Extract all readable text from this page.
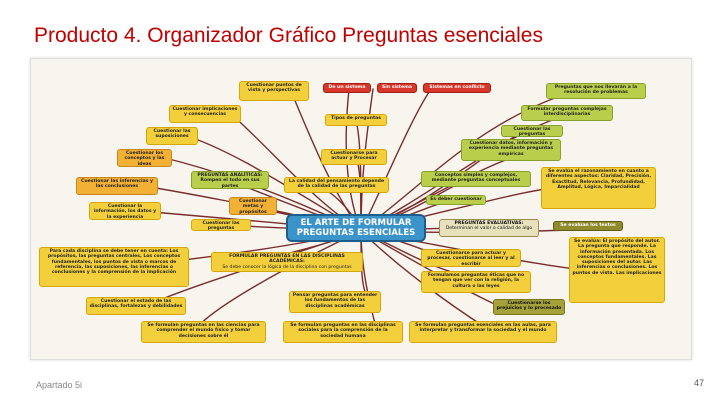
Producto 4. Organizador Gráfico Preguntas esenciales
EL ARTE DE FORMULAR PREGUNTAS ESENCIALES
Cuestionar puntos de vista y perspectivas
Cuestionar implicaciones y consecuencias
Cuestionar las suposiciones
Cuestionar los conceptos y las ideas
PREGUNTAS ANALÍTICAS: Rompen el todo en sus partes
Cuestionar las inferencias y las conclusiones
Cuestionar la información, los datos y la experiencia
Cuestionar metas y propósitos
Cuestionar las preguntas
De un sistema	Sin sistema	Sistemas en conflicto
Tipos de preguntas
Cuestionarse para actuar y Procesar
La calidad del pensamiento depende de la calidad de las preguntas
Preguntas que nos llevarán a la resolución de problemas
Formular preguntas complejas interdisciplinarias
Cuestionar las preguntas
Cuestionar datos, información y experiencia mediante preguntas empíricas
Conceptos simples y complejos, mediante preguntas conceptuales
Es deber cuestionar
Se evalúa el razonamiento en cuanto a diferentes aspectos: Claridad, Precisión, Exactitud, Relevancia, Profundidad, Amplitud, Lógica, Imparcialidad
PREGUNTAS EVALUATIVAS:
Determinan el valor o calidad de algo
Se evalúan los textos
Se evalúa: El propósito del autor. La pregunta que responde. La información presentada. Los conceptos fundamentales. Las suposiciones del autor. Las inferencias o conclusiones. Los puntos de vista. Las implicaciones
Cuestionarse para actuar y procesar, cuestionarse al leer y al escribir
Formulamos preguntas éticas que no tengan que ver con la religión, la cultura o las leyes
Cuestionarse los prejuicios y lo procesado
Se formulan preguntas esenciales en las aulas, para interpretar y transformar la sociedad y el mundo
Para cada disciplina se debe tener en cuenta: Los propósitos, las preguntas centrales, Los conceptos fundamentales, los puntos de vista o marcos de referencia, las suposiciones, las inferencias o conclusiones y la comprensión de la implicación
FORMULAR PREGUNTAS EN LAS DISCIPLINAS ACADÉMICAS:
Se debe conocer la lógica de la disciplina con preguntas
Cuestionar el estado de las disciplinas, fortalezas y debilidades
Pensar preguntas para entender los fundamentos de las disciplinas académicas
Se formulan preguntas en las ciencias para comprender el mundo físico y tomar decisiones sobre él
Se formulan preguntas en las disciplinas sociales para la comprensión de la sociedad humana
Apartado 5i	47
